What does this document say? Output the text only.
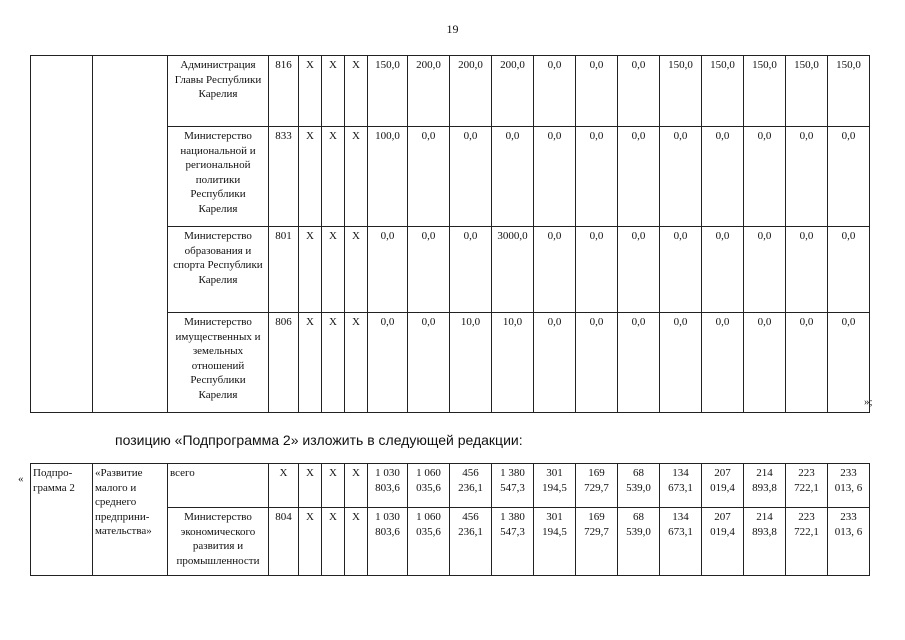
19
		Администрация Главы Республики Карелия	816	X	X	X	150,0	200,0	200,0	200,0	0,0	0,0	0,0	150,0	150,0	150,0	150,0	150,0
		Министерство национальной и региональной политики Республики Карелия	833	X	X	X	100,0	0,0	0,0	0,0	0,0	0,0	0,0	0,0	0,0	0,0	0,0	0,0
		Министерство образования и спорта Республики Карелия	801	X	X	X	0,0	0,0	0,0	3000,0	0,0	0,0	0,0	0,0	0,0	0,0	0,0	0,0
		Министерство имущественных и земельных отношений Республики Карелия	806	X	X	X	0,0	0,0	10,0	10,0	0,0	0,0	0,0	0,0	0,0	0,0	0,0	0,0
»;
позицию «Подпрограмма 2» изложить в следующей редакции:
« Подпро-грамма 2	«Развитие малого и среднего предприни-мательства»	всего	X	X	X	X	1 030 803,6	1 060 035,6	456 236,1	1 380 547,3	301 194,5	169 729,7	68 539,0	134 673,1	207 019,4	214 893,8	223 722,1	233 013, 6
		Министерство экономического развития и промышленности	804	X	X	X	1 030 803,6	1 060 035,6	456 236,1	1 380 547,3	301 194,5	169 729,7	68 539,0	134 673,1	207 019,4	214 893,8	223 722,1	233 013, 6
